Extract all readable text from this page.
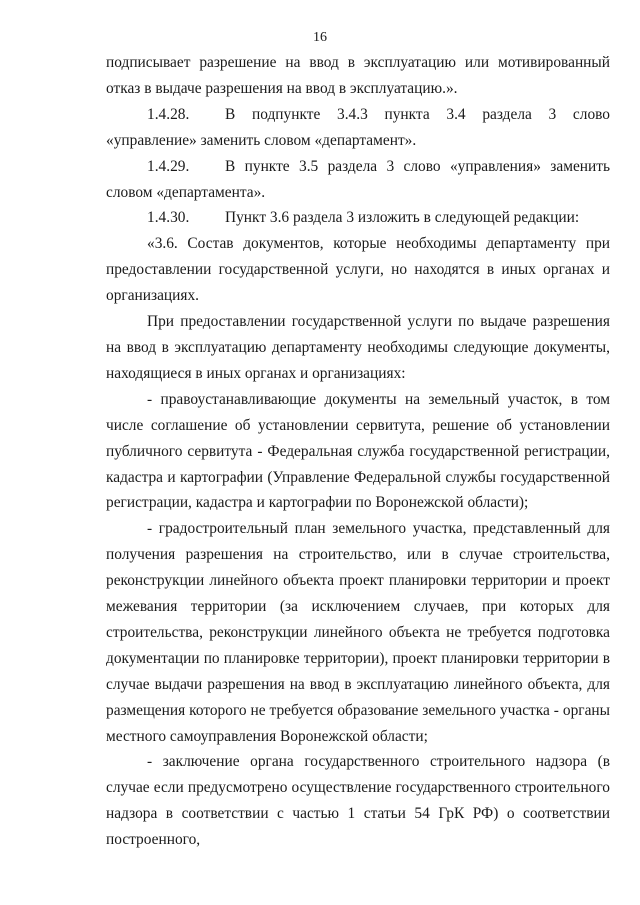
16

подписывает разрешение на ввод в эксплуатацию или мотивированный отказ в выдаче разрешения на ввод в эксплуатацию.».

1.4.28. В подпункте 3.4.3 пункта 3.4 раздела 3 слово «управление» заменить словом «департамент».

1.4.29. В пункте 3.5 раздела 3 слово «управления» заменить словом «департамента».

1.4.30. Пункт 3.6 раздела 3 изложить в следующей редакции:

«3.6. Состав документов, которые необходимы департаменту при предоставлении государственной услуги, но находятся в иных органах и организациях.

При предоставлении государственной услуги по выдаче разрешения на ввод в эксплуатацию департаменту необходимы следующие документы, находящиеся в иных органах и организациях:

- правоустанавливающие документы на земельный участок, в том числе соглашение об установлении сервитута, решение об установлении публичного сервитута - Федеральная служба государственной регистрации, кадастра и картографии (Управление Федеральной службы государственной регистрации, кадастра и картографии по Воронежской области);

- градостроительный план земельного участка, представленный для получения разрешения на строительство, или в случае строительства, реконструкции линейного объекта проект планировки территории и проект межевания территории (за исключением случаев, при которых для строительства, реконструкции линейного объекта не требуется подготовка документации по планировке территории), проект планировки территории в случае выдачи разрешения на ввод в эксплуатацию линейного объекта, для размещения которого не требуется образование земельного участка - органы местного самоуправления Воронежской области;

- заключение органа государственного строительного надзора (в случае если предусмотрено осуществление государственного строительного надзора в соответствии с частью 1 статьи 54 ГрК РФ) о соответствии построенного,
